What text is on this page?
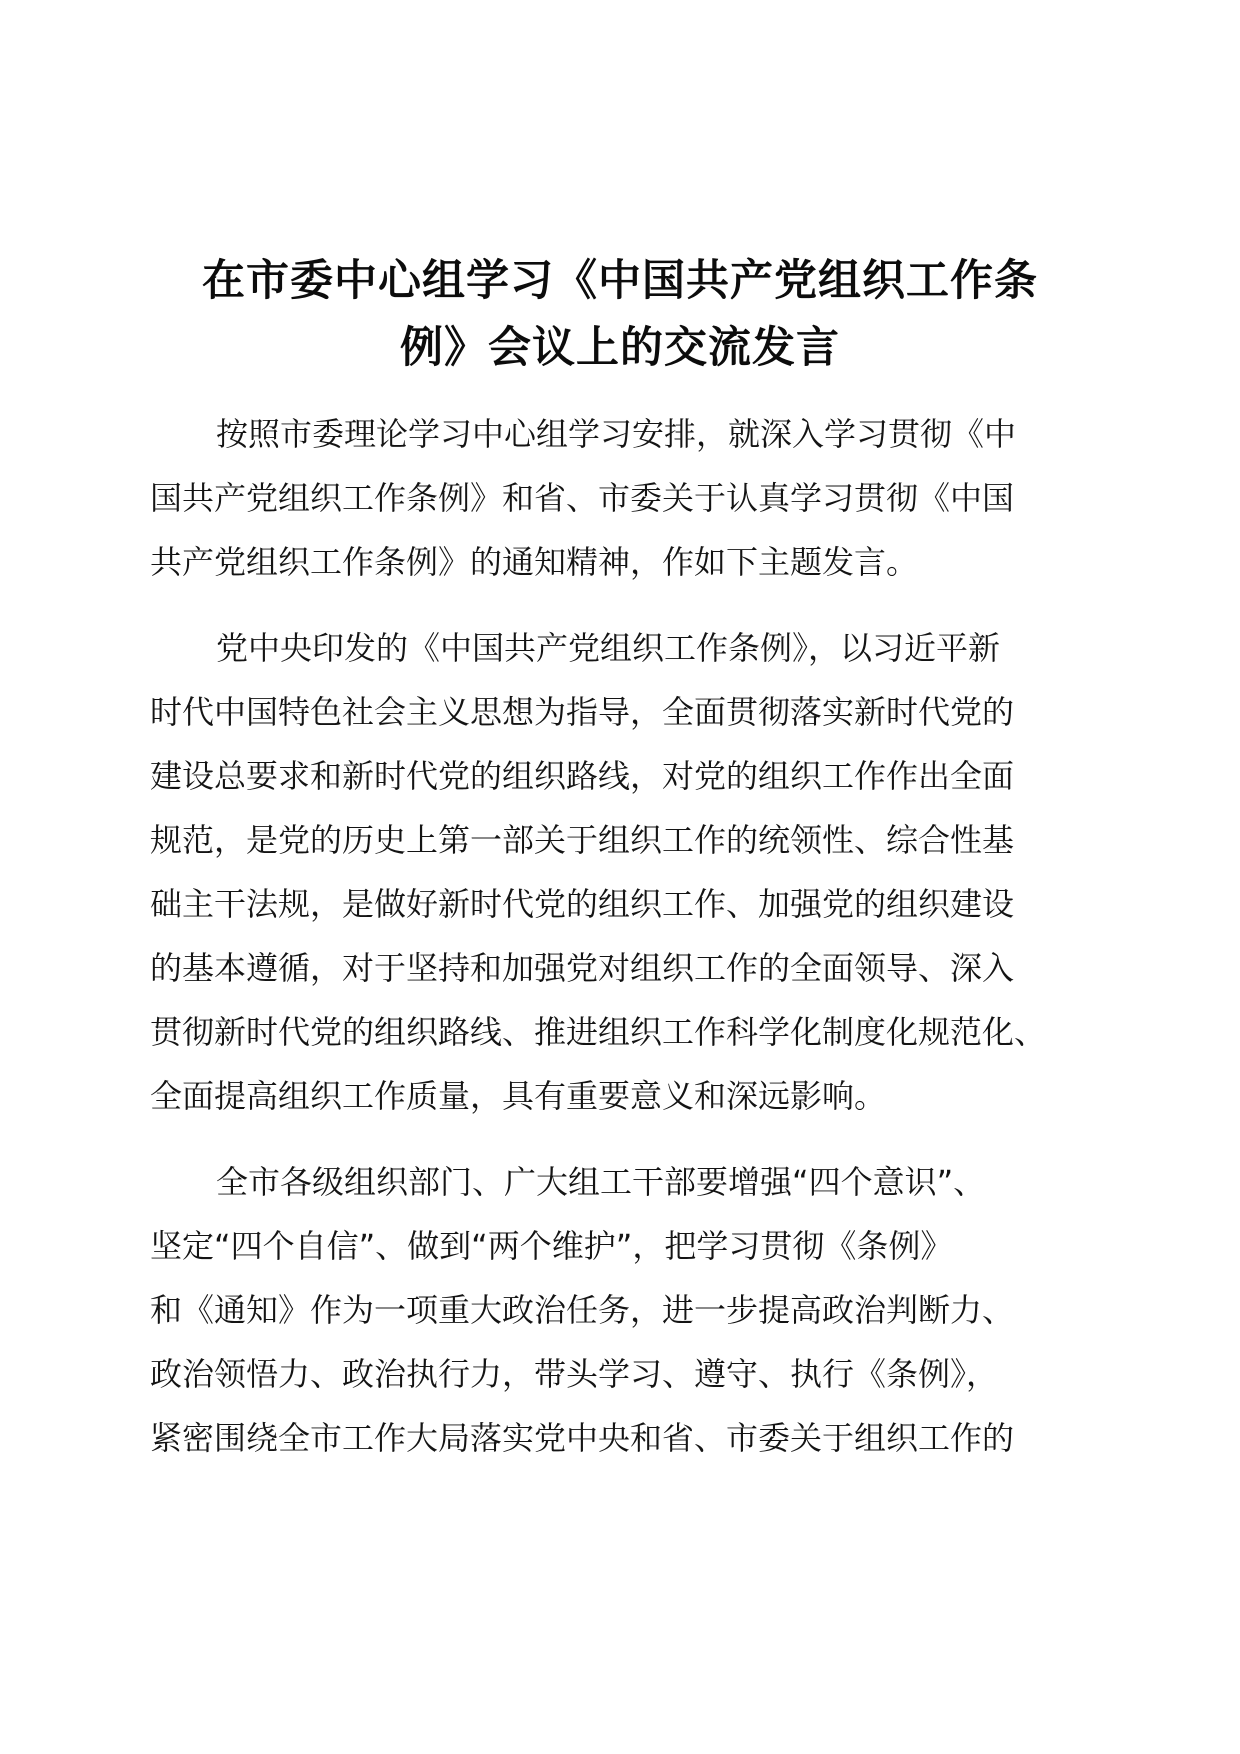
在市委中心组学习《中国共产党组织工作条
例》会议上的交流发言
按照市委理论学习中心组学习安排，就深入学习贯彻《中
国共产党组织工作条例》和省、市委关于认真学习贯彻《中国
共产党组织工作条例》的通知精神，作如下主题发言。
党中央印发的《中国共产党组织工作条例》，以习近平新
时代中国特色社会主义思想为指导，全面贯彻落实新时代党的
建设总要求和新时代党的组织路线，对党的组织工作作出全面
规范，是党的历史上第一部关于组织工作的统领性、综合性基
础主干法规，是做好新时代党的组织工作、加强党的组织建设
的基本遵循，对于坚持和加强党对组织工作的全面领导、深入
贯彻新时代党的组织路线、推进组织工作科学化制度化规范化、
全面提高组织工作质量，具有重要意义和深远影响。
全市各级组织部门、广大组工干部要增强“四个意识”、
坚定“四个自信”、做到“两个维护”，把学习贯彻《条例》
和《通知》作为一项重大政治任务，进一步提高政治判断力、
政治领悟力、政治执行力，带头学习、遵守、执行《条例》，
紧密围绕全市工作大局落实党中央和省、市委关于组织工作的
